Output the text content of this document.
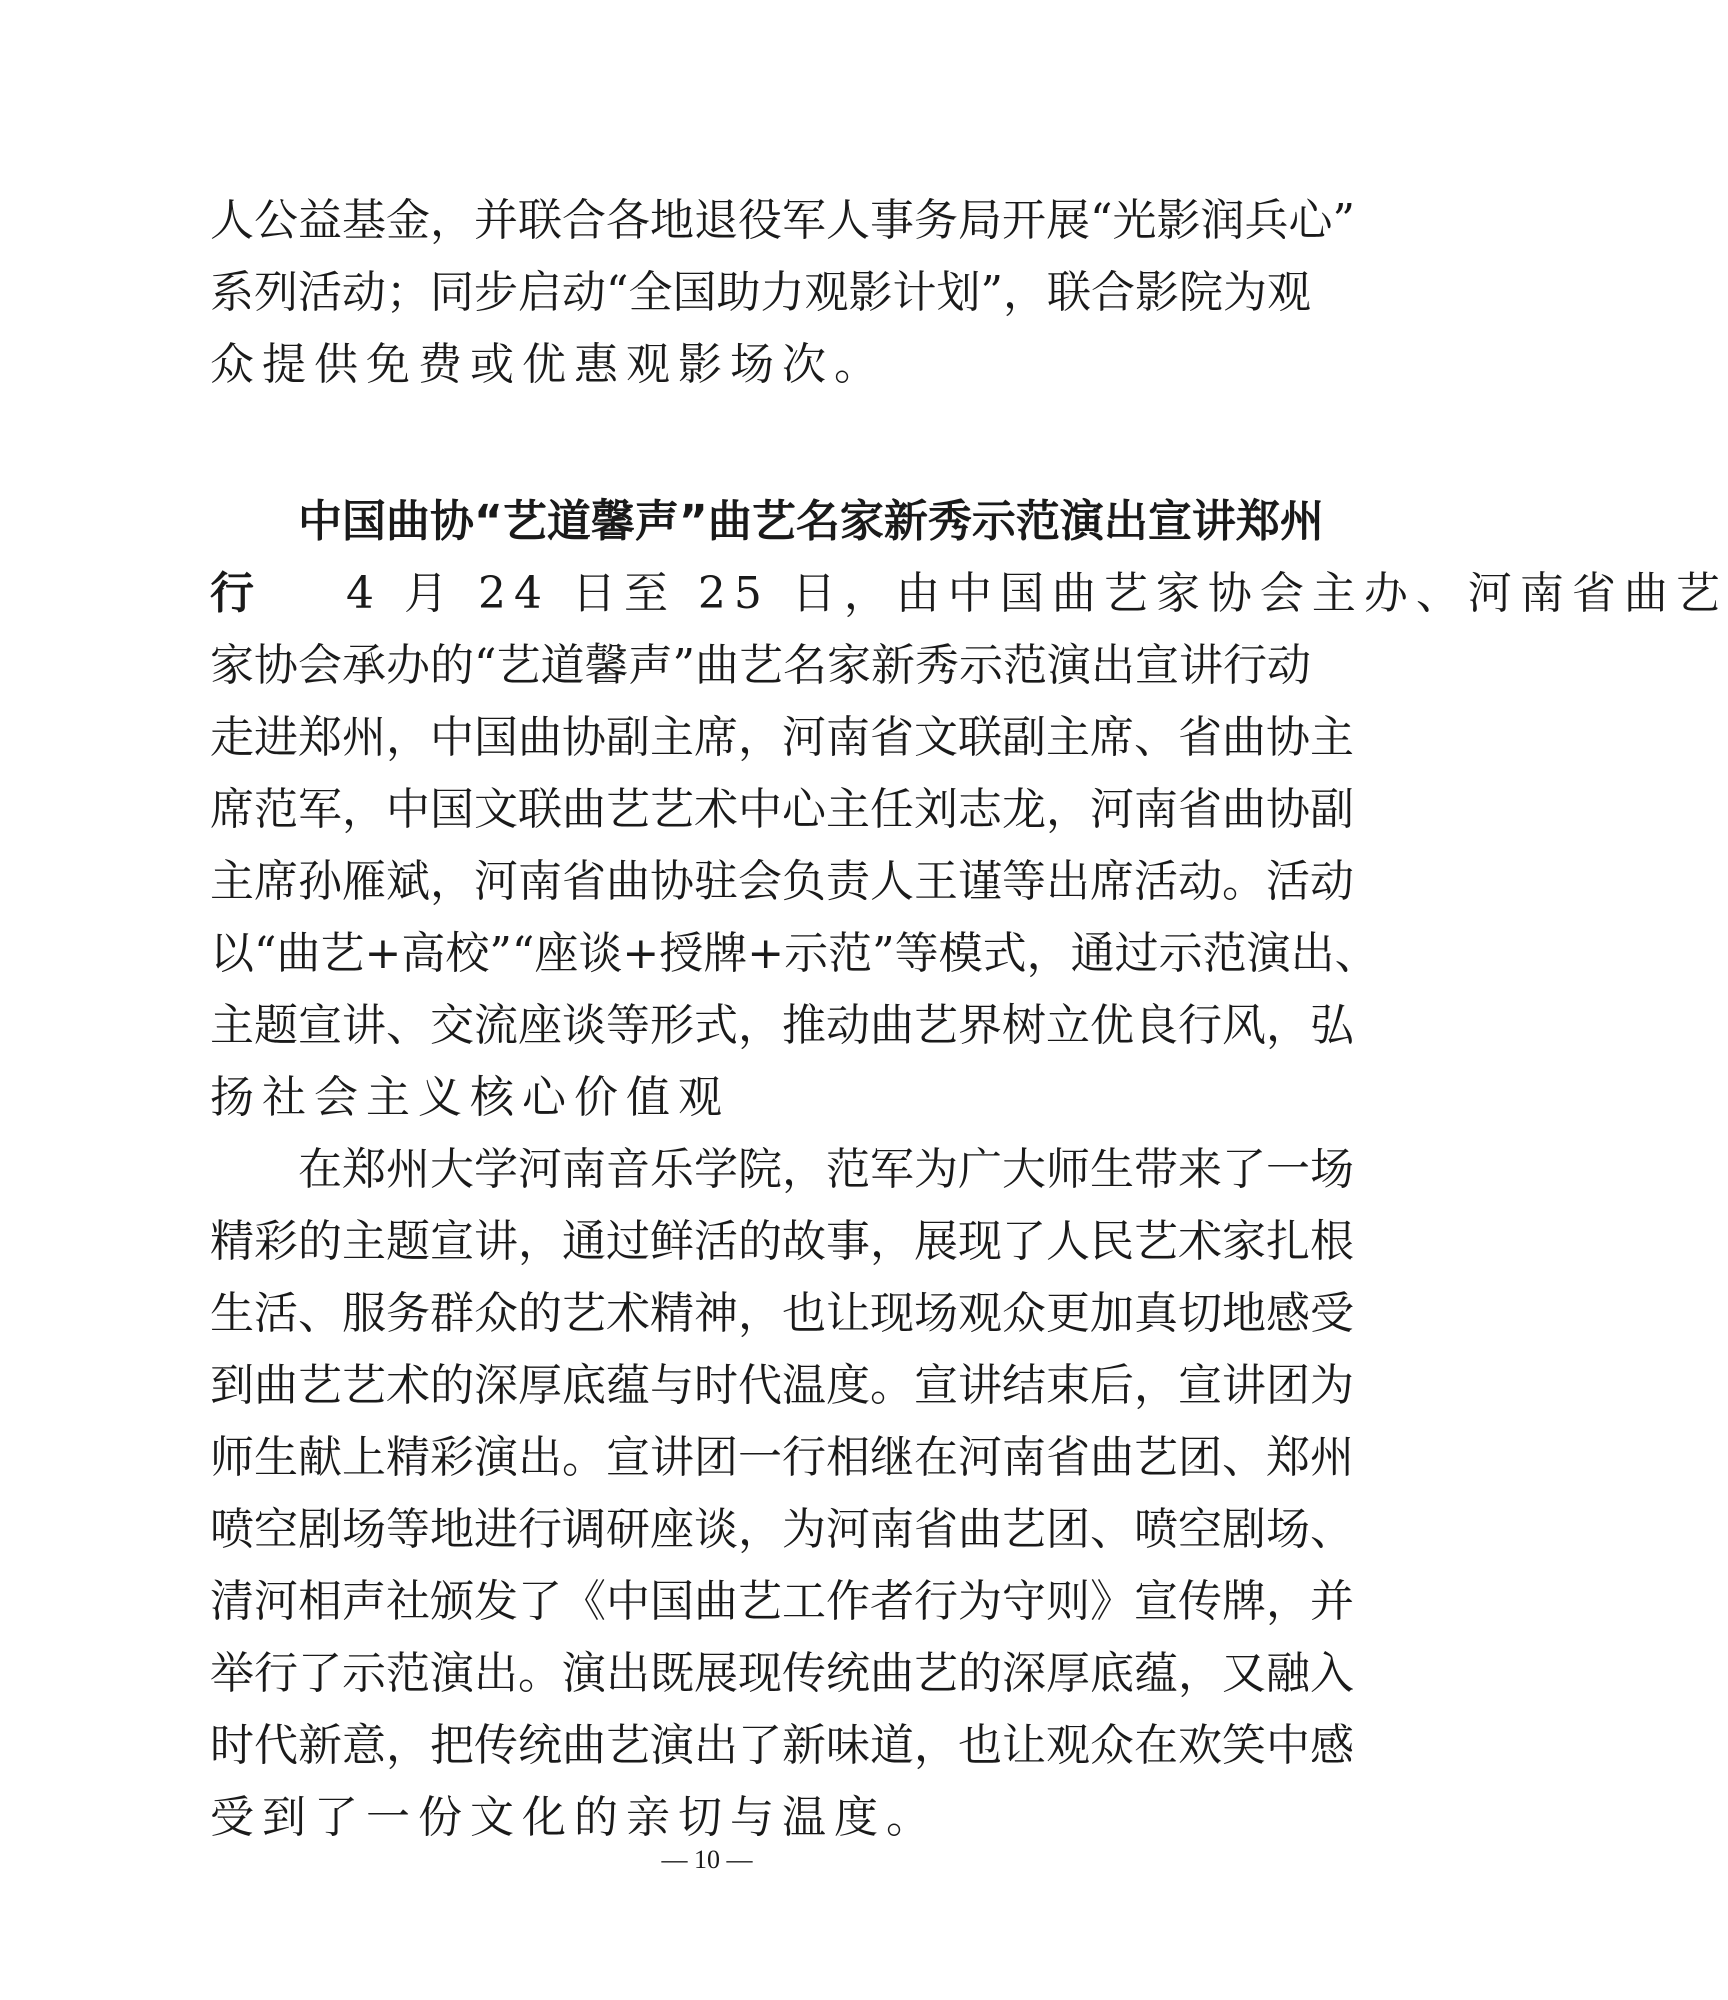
人公益基金，并联合各地退役军人事务局开展“光影润兵心”
系列活动；同步启动“全国助力观影计划”，联合影院为观
众提供免费或优惠观影场次。
中国曲协“艺道馨声”曲艺名家新秀示范演出宣讲郑州
行 4 月 24 日至 25 日，由中国曲艺家协会主办、河南省曲艺
家协会承办的“艺道馨声”曲艺名家新秀示范演出宣讲行动
走进郑州，中国曲协副主席，河南省文联副主席、省曲协主
席范军，中国文联曲艺艺术中心主任刘志龙，河南省曲协副
主席孙雁斌，河南省曲协驻会负责人王谨等出席活动。活动
以“曲艺+高校”“座谈+授牌+示范”等模式，通过示范演出、
主题宣讲、交流座谈等形式，推动曲艺界树立优良行风，弘
扬社会主义核心价值观
在郑州大学河南音乐学院，范军为广大师生带来了一场
精彩的主题宣讲，通过鲜活的故事，展现了人民艺术家扎根
生活、服务群众的艺术精神，也让现场观众更加真切地感受
到曲艺艺术的深厚底蕴与时代温度。宣讲结束后，宣讲团为
师生献上精彩演出。宣讲团一行相继在河南省曲艺团、郑州
喷空剧场等地进行调研座谈，为河南省曲艺团、喷空剧场、
清河相声社颁发了《中国曲艺工作者行为守则》宣传牌，并
举行了示范演出。演出既展现传统曲艺的深厚底蕴，又融入
时代新意，把传统曲艺演出了新味道，也让观众在欢笑中感
受到了一份文化的亲切与温度。
— 10 —
